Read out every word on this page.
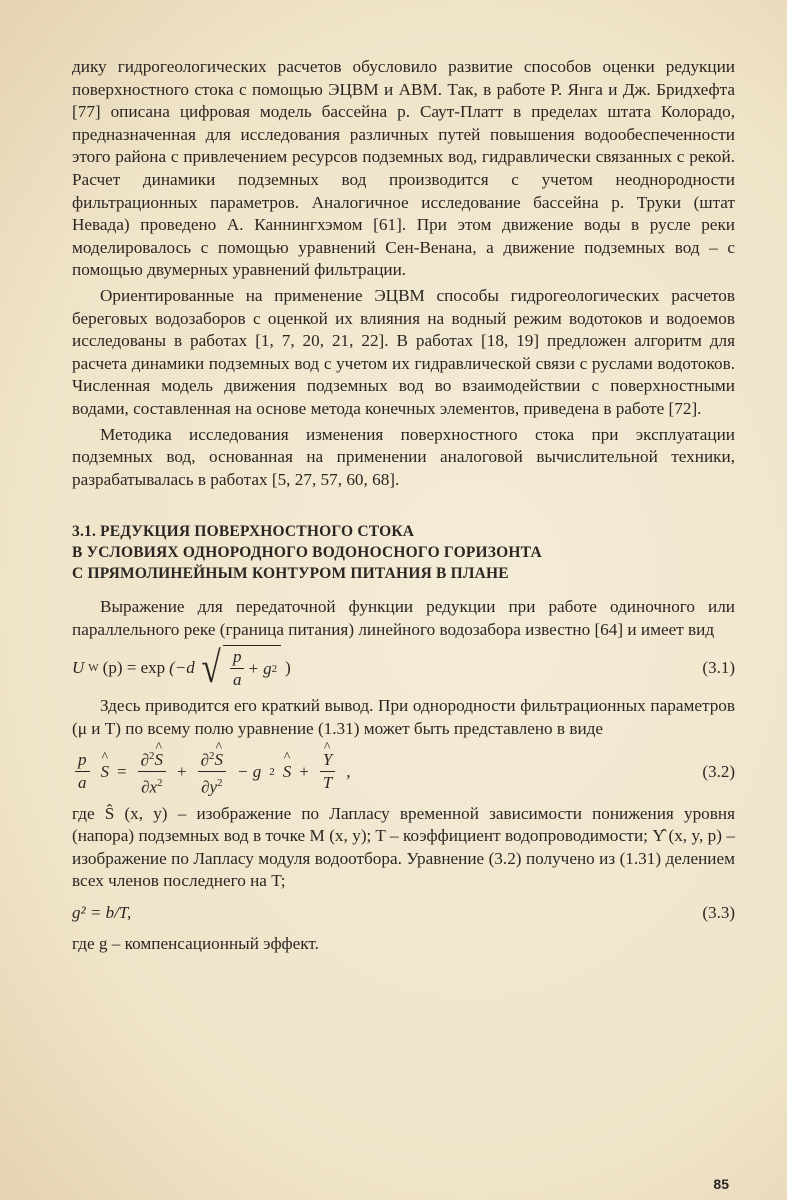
дику гидрогеологических расчетов обусловило развитие способов оценки редукции поверхностного стока с помощью ЭЦВМ и АВМ. Так, в работе Р. Янга и Дж. Бридхефта [77] описана цифровая модель бассейна р. Саут-Платт в пределах штата Колорадо, предназначенная для исследования различных путей повышения водообеспеченности этого района с привлечением ресурсов подземных вод, гидравлически связанных с рекой. Расчет динамики подземных вод производится с учетом неоднородности фильтрационных параметров. Аналогичное исследование бассейна р. Труки (штат Невада) проведено А. Каннингхэмом [61]. При этом движение воды в русле реки моделировалось с помощью уравнений Сен-Венана, а движение подземных вод – с помощью двумерных уравнений фильтрации.

Ориентированные на применение ЭЦВМ способы гидрогеологических расчетов береговых водозаборов с оценкой их влияния на водный режим водотоков и водоемов исследованы в работах [1, 7, 20, 21, 22]. В работах [18, 19] предложен алгоритм для расчета динамики подземных вод с учетом их гидравлической связи с руслами водотоков. Численная модель движения подземных вод во взаимодействии с поверхностными водами, составленная на основе метода конечных элементов, приведена в работе [72].

Методика исследования изменения поверхностного стока при эксплуатации подземных вод, основанная на применении аналоговой вычислительной техники, разрабатывалась в работах [5, 27, 57, 60, 68].

3.1. РЕДУКЦИЯ ПОВЕРХНОСТНОГО СТОКА
В УСЛОВИЯХ ОДНОРОДНОГО ВОДОНОСНОГО ГОРИЗОНТА
С ПРЯМОЛИНЕЙНЫМ КОНТУРОМ ПИТАНИЯ В ПЛАНЕ

Выражение для передаточной функции редукции при работе одиночного или параллельного реке (граница питания) линейного водозабора известно [64] и имеет вид

U W (p) = exp (−d √ $\frac{p}{a} + g$ 2 )	(3.1)

Здесь приводится его краткий вывод. При однородности фильтрационных параметров (μ и T) по всему полю уравнение (1.31) может быть представлено в виде

$\frac{p}{a}$ ^ $S = \frac{\partial^2\^{} S}{\partial x^2} + \frac{\partial^2\^{} S}{\partial y^2} - g$ 2 ^ S + ^ $\frac{\Upsilon}{T}$ ,	(3.2)

где Ŝ (x, y) – изображение по Лапласу временной зависимости понижения уровня (напора) подземных вод в точке M (x, y); T – коэффициент водопроводимости; Υ̂ (x, y, p) – изображение по Лапласу модуля водоотбора. Уравнение (3.2) получено из (1.31) делением всех членов последнего на T;

g² = b/T,	(3.3)

где g – компенсационный эффект.

85
